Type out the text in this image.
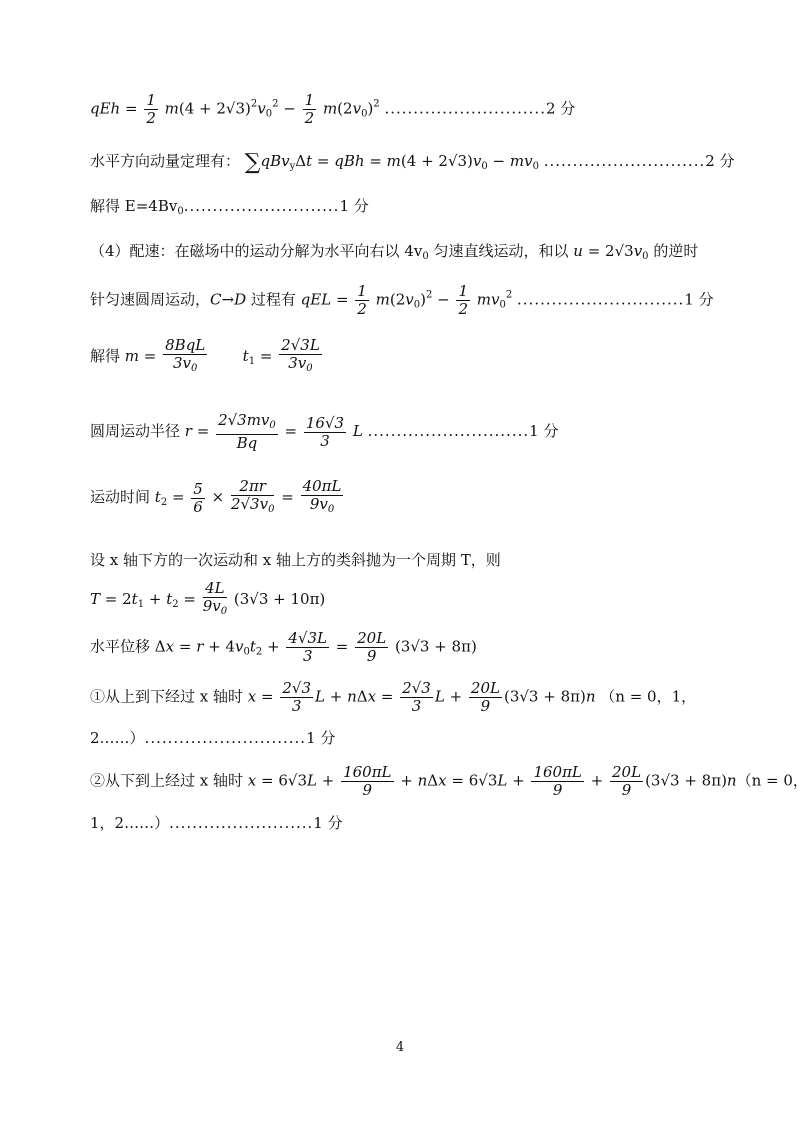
qEh = $\frac{1}{2} m(4 + 2√3)^2v_0^2 - \frac{1}{2} m(2v_0)^2$ ............................2 分
水平方向动量定理有： ∑qBv$_y$Δt = qBh = $m(4 + 2√3)v_0 - mv_0$ ............................2 分
解得 $E=4Bv_0...........................1$ 分
（4）配速：在磁场中的运动分解为水平向右以 $4v_0$ 匀速直线运动，和以 $u = 2√3v_0$ 的逆时
针匀速圆周运动，C→D 过程有 qEL = $\frac{1}{2} m(2v_0)^2 - \frac{1}{2} mv_0^2$ .............................1 分
解得 $m = \frac{\text{8BqL}}{3v_0} t_1 = \frac{2√3L}{3v_0}$
圆周运动半径 $r = \frac{2√3mv_0}{Bq} = \frac{16√3}{3}$ L ............................1 分
运动时间 $t_2 = \frac{5}{6} \times \frac{2\pi r}{2√3v_0} = \frac{40\pi L}{9v_0}$
设 x 轴下方的一次运动和 x 轴上方的类斜抛为一个周期 T，则
$T = 2t_1 + t_2 = \frac{4L}{9v_0} (3√3 + 10\pi)$
水平位移 $\Delta x = r + 4v_0t_2 + \frac{4√3L}{3} = \frac{20L}{9} (3√3 + 8\pi)$
①从上到下经过 x 轴时 $x = \frac{2√3}{3}$ $L + n\Delta x = \frac{2√3}{3}$ $L + \frac{20L}{9} (3√3 + 8\pi)n$ （n = 0，1，
2……）............................1 分
②从下到上经过 x 轴时 $x = 6√3L + \frac{160\pi L}{9} + n\Delta x = 6√3L + \frac{160\pi L}{9} + \frac{20L}{9} (3√3 + 8\pi)n(n = 0$，
1，2……）.........................1 分
4
